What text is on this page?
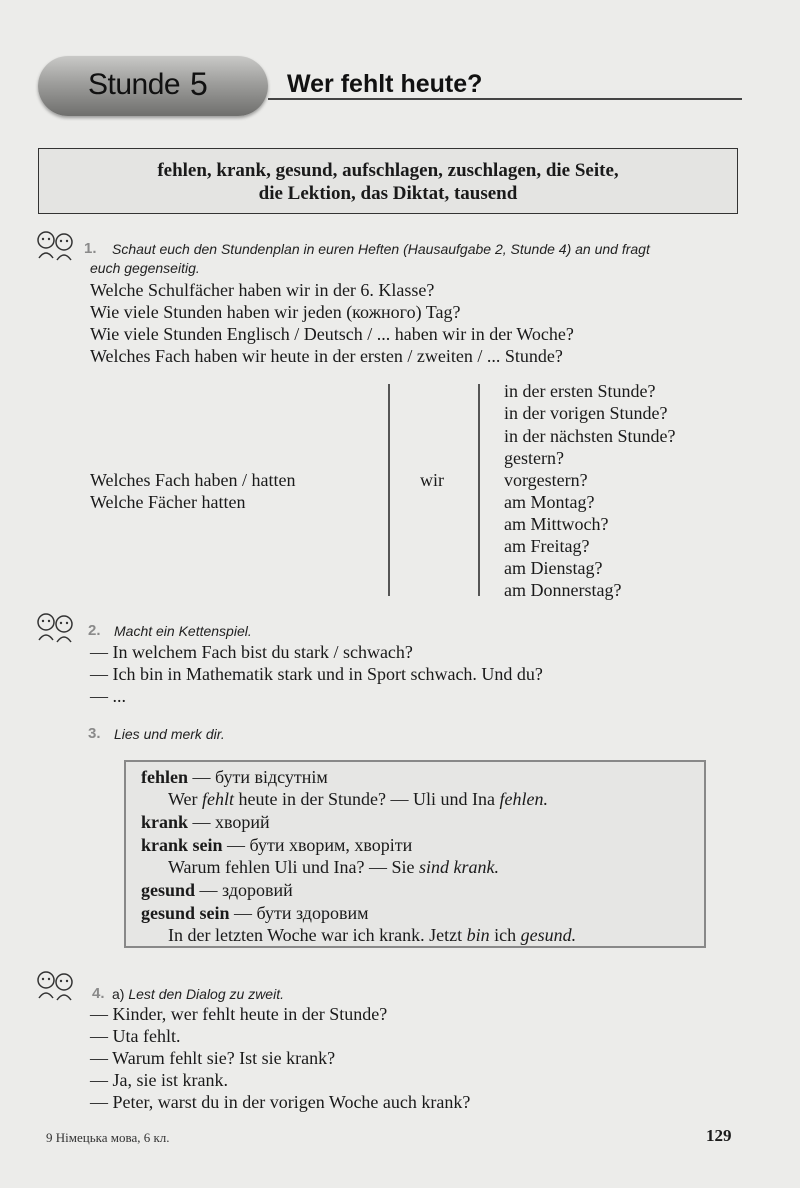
Stunde 5	Wer fehlt heute?
fehlen, krank, gesund, aufschlagen, zuschlagen, die Seite,
die Lektion, das Diktat, tausend
1. Schaut euch den Stundenplan in euren Heften (Hausaufgabe 2, Stunde 4) an und fragt
euch gegenseitig.
Welche Schulfächer haben wir in der 6. Klasse?
Wie viele Stunden haben wir jeden (кожного) Tag?
Wie viele Stunden Englisch / Deutsch / ... haben wir in der Woche?
Welches Fach haben wir heute in der ersten / zweiten / ... Stunde?
Welches Fach haben / hatten
Welche Fächer hatten
wir
in der ersten Stunde?
in der vorigen Stunde?
in der nächsten Stunde?
gestern?
vorgestern?
am Montag?
am Mittwoch?
am Freitag?
am Dienstag?
am Donnerstag?
2. Macht ein Kettenspiel.
— In welchem Fach bist du stark / schwach?
— Ich bin in Mathematik stark und in Sport schwach. Und du?
— ...
3. Lies und merk dir.
fehlen — бути відсутнім
Wer fehlt heute in der Stunde? — Uli und Ina fehlen.
krank — хворий
krank sein — бути хворим, хворіти
Warum fehlen Uli und Ina? — Sie sind krank.
gesund — здоровий
gesund sein — бути здоровим
In der letzten Woche war ich krank. Jetzt bin ich gesund.
4. a) Lest den Dialog zu zweit.
— Kinder, wer fehlt heute in der Stunde?
— Uta fehlt.
— Warum fehlt sie? Ist sie krank?
— Ja, sie ist krank.
— Peter, warst du in der vorigen Woche auch krank?
9 Німецька мова, 6 кл.	129
